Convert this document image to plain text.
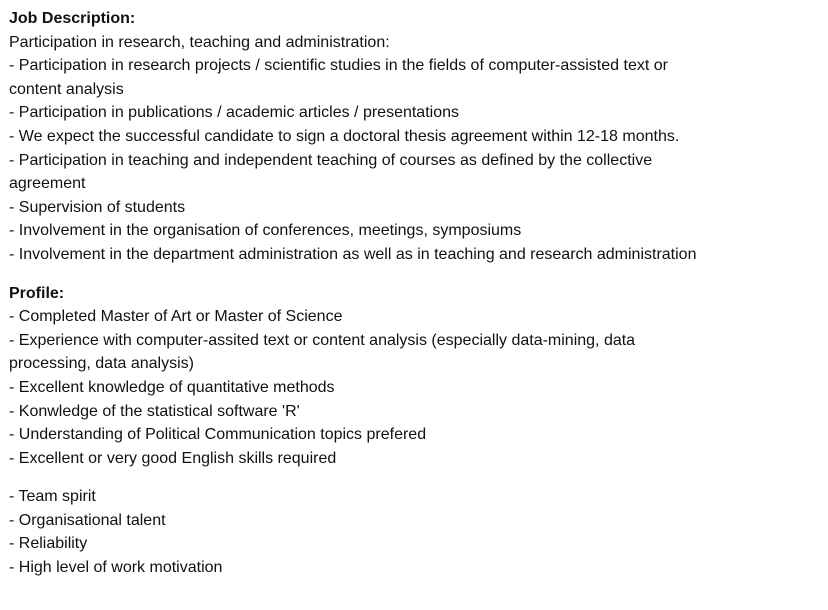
Job Description:
Participation in research, teaching and administration:
- Participation in research projects / scientific studies in the fields of computer-assisted text or content analysis
- Participation in publications / academic articles / presentations
- We expect the successful candidate to sign a doctoral thesis agreement within 12-18 months.
- Participation in teaching and independent teaching of courses as defined by the collective agreement
- Supervision of students
- Involvement in the organisation of conferences, meetings, symposiums
- Involvement in the department administration as well as in teaching and research administration
Profile:
- Completed Master of Art or Master of Science
- Experience with computer-assited text or content analysis (especially data-mining, data processing, data analysis)
- Excellent knowledge of quantitative methods
- Konwledge of the statistical software 'R'
- Understanding of Political Communication topics prefered
- Excellent or very good English skills required
- Team spirit
- Organisational talent
- Reliability
- High level of work motivation
